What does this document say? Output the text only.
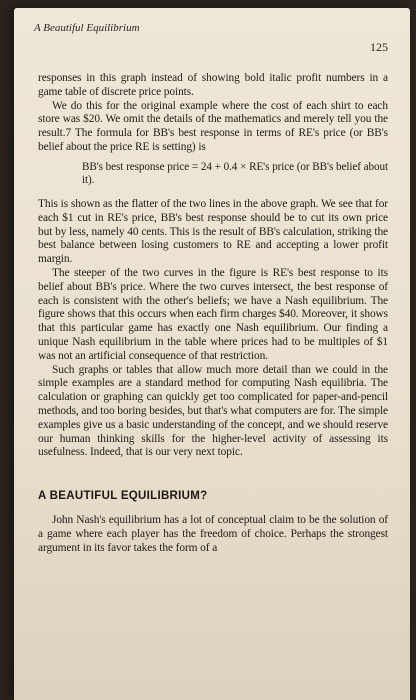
A Beautiful Equilibrium
125

responses in this graph instead of showing bold italic profit numbers in a game table of discrete price points.

We do this for the original example where the cost of each shirt to each store was $20. We omit the details of the mathematics and merely tell you the result.7 The formula for BB's best response in terms of RE's price (or BB's belief about the price RE is setting) is

BB's best response price = 24 + 0.4 × RE's price (or BB's belief about it).

This is shown as the flatter of the two lines in the above graph. We see that for each $1 cut in RE's price, BB's best response should be to cut its own price but by less, namely 40 cents. This is the result of BB's calculation, striking the best balance between losing customers to RE and accepting a lower profit margin.

The steeper of the two curves in the figure is RE's best response to its belief about BB's price. Where the two curves intersect, the best response of each is consistent with the other's beliefs; we have a Nash equilibrium. The figure shows that this occurs when each firm charges $40. Moreover, it shows that this particular game has exactly one Nash equilibrium. Our finding a unique Nash equilibrium in the table where prices had to be multiples of $1 was not an artificial consequence of that restriction.

Such graphs or tables that allow much more detail than we could in the simple examples are a standard method for computing Nash equilibria. The calculation or graphing can quickly get too complicated for paper-and-pencil methods, and too boring besides, but that's what computers are for. The simple examples give us a basic understanding of the concept, and we should reserve our human thinking skills for the higher-level activity of assessing its usefulness. Indeed, that is our very next topic.

A BEAUTIFUL EQUILIBRIUM?

John Nash's equilibrium has a lot of conceptual claim to be the solution of a game where each player has the freedom of choice. Perhaps the strongest argument in its favor takes the form of a
